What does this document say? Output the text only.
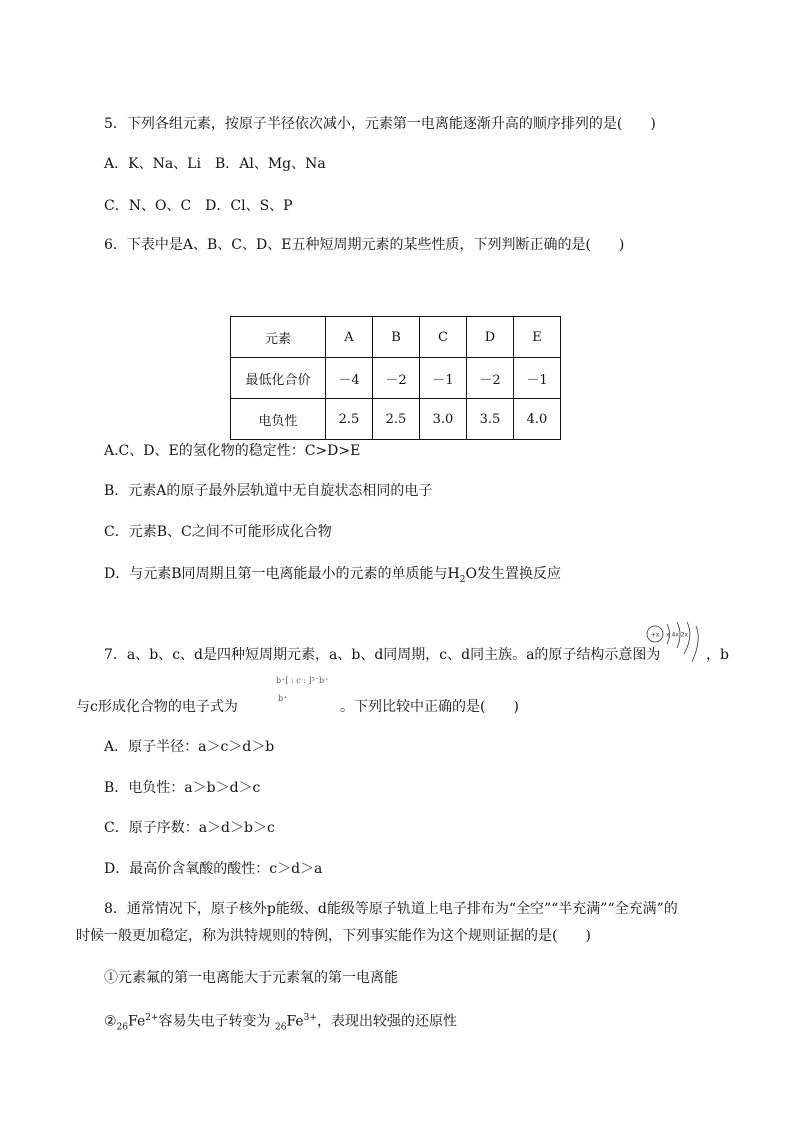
5．下列各组元素，按原子半径依次减小，元素第一电离能逐渐升高的顺序排列的是(　　)
A．K、Na、Li　B．Al、Mg、Na
C．N、O、C　D．Cl、S、P
6．下表中是A、B、C、D、E五种短周期元素的某些性质，下列判断正确的是(　　)
元素	A	B	C	D	E
最低化合价	－4	－2	－1	－2	－1
电负性	2.5	2.5	3.0	3.5	4.0
A.C、D、E的氢化物的稳定性：C>D>E
B．元素A的原子最外层轨道中无自旋状态相同的电子
C．元素B、C之间不可能形成化合物
D．与元素B同周期且第一电离能最小的元素的单质能与$H_2O$发生置换反应
7．a、b、c、d是四种短周期元素，a、b、d同周期，c、d同主族。a的原子结构示意图为
+x x 4x 2x
，b
与c形成化合物的电子式为
b⁺[ : c : ]³⁻b⁺
b⁺
。下列比较中正确的是(　　)
A．原子半径：a＞c＞d＞b
B．电负性：a＞b＞d＞c
C．原子序数：a＞d＞b＞c
D．最高价含氧酸的酸性：c＞d＞a
8．通常情况下，原子核外p能级、d能级等原子轨道上电子排布为“全空”“半充满”“全充满”的
时候一般更加稳定，称为洪特规则的特例，下列事实能作为这个规则证据的是(　　)
①元素氟的第一电离能大于元素氧的第一电离能
$②_{26}Fe^{2+}$容易失电子转变为 $_{26}Fe^{3+}$，表现出较强的还原性
